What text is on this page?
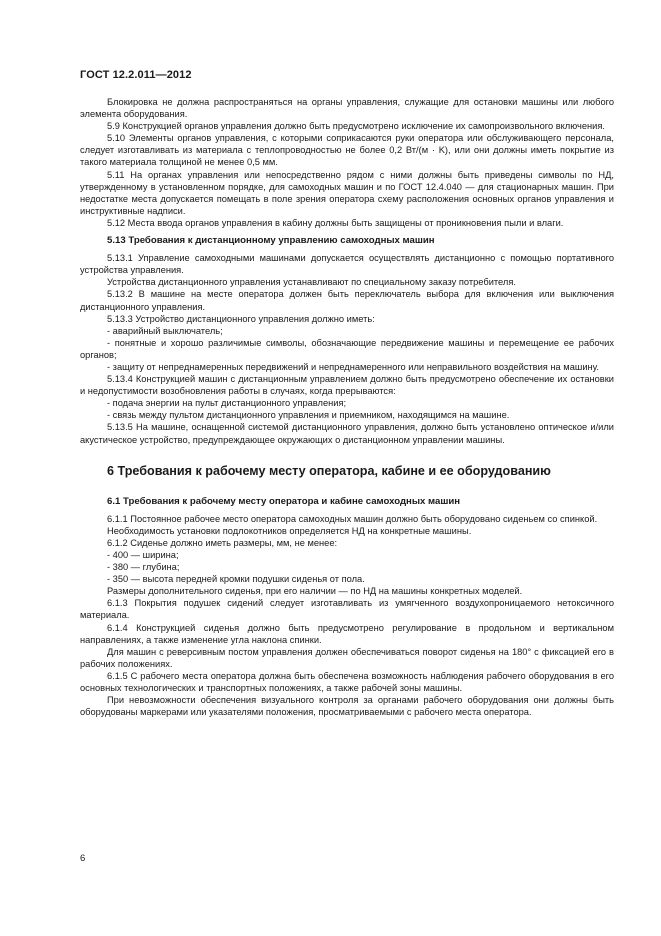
ГОСТ 12.2.011—2012

Блокировка не должна распространяться на органы управления, служащие для остановки машины или любого элемента оборудования.

5.9 Конструкцией органов управления должно быть предусмотрено исключение их самопроизвольного включения.

5.10 Элементы органов управления, с которыми соприкасаются руки оператора или обслуживающего персонала, следует изготавливать из материала с теплопроводностью не более 0,2 Вт/(м · K), или они должны иметь покрытие из такого материала толщиной не менее 0,5 мм.

5.11 На органах управления или непосредственно рядом с ними должны быть приведены символы по НД, утвержденному в установленном порядке, для самоходных машин и по ГОСТ 12.4.040 — для стационарных машин. При недостатке места допускается помещать в поле зрения оператора схему расположения основных органов управления и инструктивные надписи.

5.12 Места ввода органов управления в кабину должны быть защищены от проникновения пыли и влаги.

5.13 Требования к дистанционному управлению самоходных машин

5.13.1 Управление самоходными машинами допускается осуществлять дистанционно с помощью портативного устройства управления.

Устройства дистанционного управления устанавливают по специальному заказу потребителя.

5.13.2 В машине на месте оператора должен быть переключатель выбора для включения или выключения дистанционного управления.

5.13.3 Устройство дистанционного управления должно иметь:

- аварийный выключатель;

- понятные и хорошо различимые символы, обозначающие передвижение машины и перемещение ее рабочих органов;

- защиту от непреднамеренных передвижений и непреднамеренного или неправильного воздействия на машину.

5.13.4 Конструкцией машин с дистанционным управлением должно быть предусмотрено обеспечение их остановки и недопустимости возобновления работы в случаях, когда прерываются:

- подача энергии на пульт дистанционного управления;

- связь между пультом дистанционного управления и приемником, находящимся на машине.

5.13.5 На машине, оснащенной системой дистанционного управления, должно быть установлено оптическое и/или акустическое устройство, предупреждающее окружающих о дистанционном управлении машины.

6 Требования к рабочему месту оператора, кабине и ее оборудованию
6.1 Требования к рабочему месту оператора и кабине самоходных машин

6.1.1 Постоянное рабочее место оператора самоходных машин должно быть оборудовано сиденьем со спинкой.

Необходимость установки подлокотников определяется НД на конкретные машины.

6.1.2 Сиденье должно иметь размеры, мм, не менее:

- 400 — ширина;

- 380 — глубина;

- 350 — высота передней кромки подушки сиденья от пола.

Размеры дополнительного сиденья, при его наличии — по НД на машины конкретных моделей.

6.1.3 Покрытия подушек сидений следует изготавливать из умягченного воздухопроницаемого нетоксичного материала.

6.1.4 Конструкцией сиденья должно быть предусмотрено регулирование в продольном и вертикальном направлениях, а также изменение угла наклона спинки.

Для машин с реверсивным постом управления должен обеспечиваться поворот сиденья на 180° с фиксацией его в рабочих положениях.

6.1.5 С рабочего места оператора должна быть обеспечена возможность наблюдения рабочего оборудования в его основных технологических и транспортных положениях, а также рабочей зоны машины.

При невозможности обеспечения визуального контроля за органами рабочего оборудования они должны быть оборудованы маркерами или указателями положения, просматриваемыми с рабочего места оператора.

6
